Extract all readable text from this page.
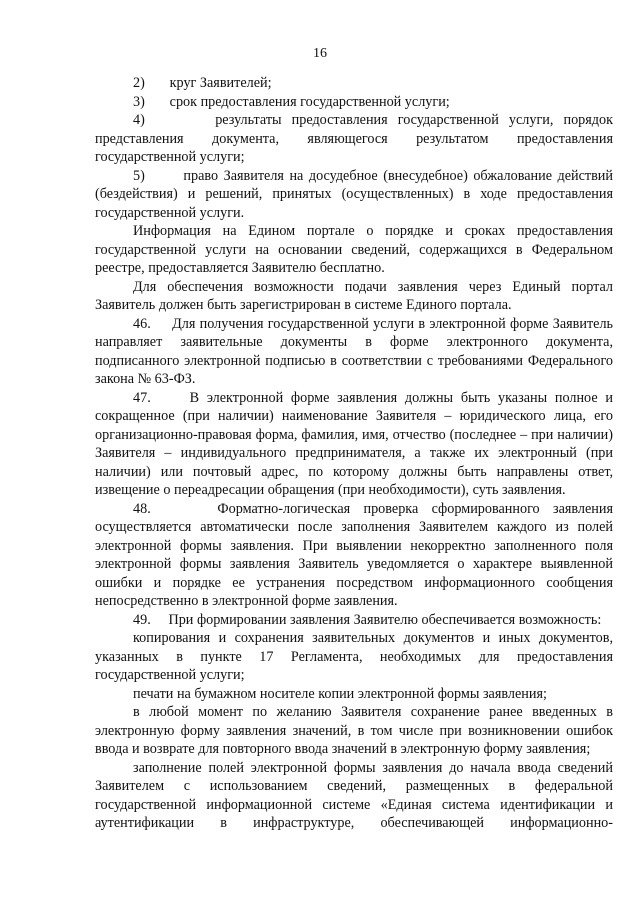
16

2)       круг Заявителей;

3)       срок предоставления государственной услуги;

4)       результаты предоставления государственной услуги, порядок представления документа, являющегося результатом предоставления государственной услуги;

5)       право Заявителя на досудебное (внесудебное) обжалование действий (бездействия) и решений, принятых (осуществленных) в ходе предоставления государственной услуги.

Информация на Едином портале о порядке и сроках предоставления государственной услуги на основании сведений, содержащихся в Федеральном реестре, предоставляется Заявителю бесплатно.

Для обеспечения возможности подачи заявления через Единый портал Заявитель должен быть зарегистрирован в системе Единого портала.

46.     Для получения государственной услуги в электронной форме Заявитель направляет заявительные документы в форме электронного документа, подписанного электронной подписью в соответствии с требованиями Федерального закона № 63-ФЗ.

47.     В электронной форме заявления должны быть указаны полное и сокращенное (при наличии) наименование Заявителя – юридического лица, его организационно-правовая форма, фамилия, имя, отчество (последнее – при наличии) Заявителя – индивидуального предпринимателя, а также их электронный (при наличии) или почтовый адрес, по которому должны быть направлены ответ, извещение о переадресации обращения (при необходимости), суть заявления.

48.     Форматно-логическая проверка сформированного заявления осуществляется автоматически после заполнения Заявителем каждого из полей электронной формы заявления. При выявлении некорректно заполненного поля электронной формы заявления Заявитель уведомляется о характере выявленной ошибки и порядке ее устранения посредством информационного сообщения непосредственно в электронной форме заявления.

49.     При формировании заявления Заявителю обеспечивается возможность:

копирования и сохранения заявительных документов и иных документов, указанных в пункте 17 Регламента, необходимых для предоставления государственной услуги;

печати на бумажном носителе копии электронной формы заявления;

в любой момент по желанию Заявителя сохранение ранее введенных в электронную форму заявления значений, в том числе при возникновении ошибок ввода и возврате для повторного ввода значений в электронную форму заявления;

заполнение полей электронной формы заявления до начала ввода сведений Заявителем с использованием сведений, размещенных в федеральной государственной информационной системе «Единая система идентификации и аутентификации в инфраструктуре, обеспечивающей информационно-
